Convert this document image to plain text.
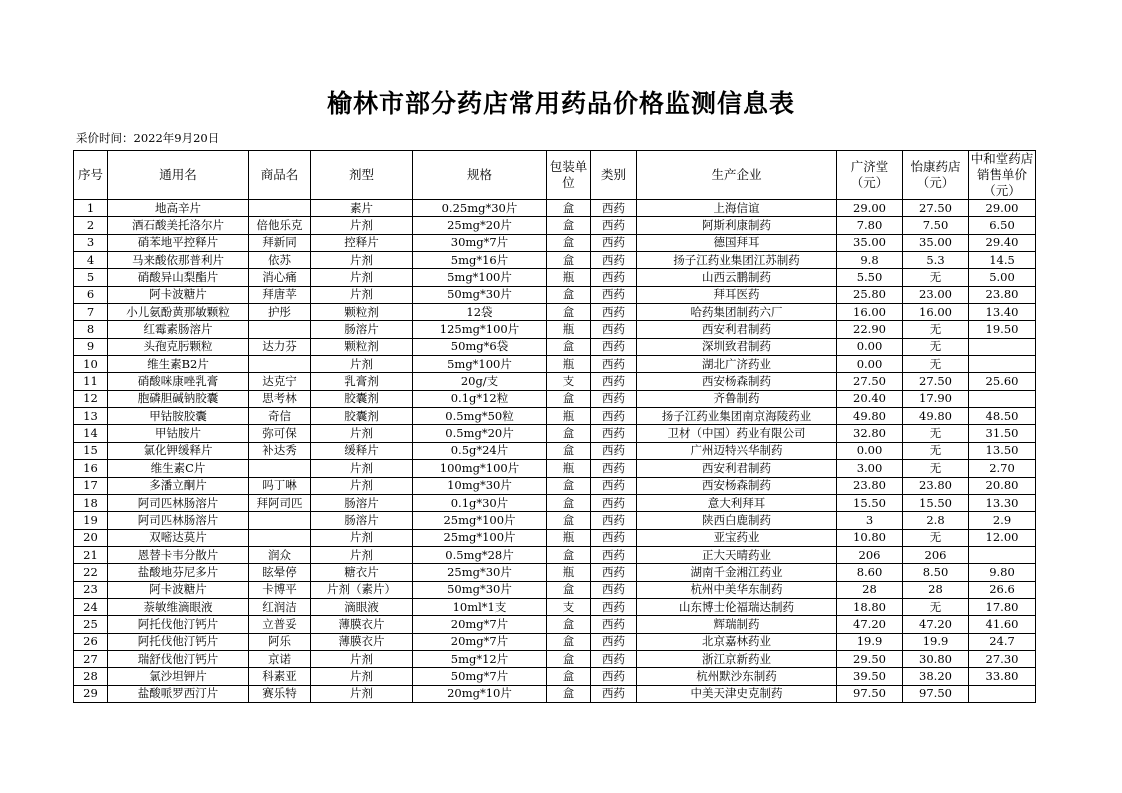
榆林市部分药店常用药品价格监测信息表
采价时间：2022年9月20日
序号	通用名	商品名	剂型	规格	包装单位	类别	生产企业	广济堂（元）	怡康药店（元）	中和堂药店销售单价（元）
1	地高辛片		素片	0.25mg*30片	盒	西药	上海信谊	29.00	27.50	29.00
2	酒石酸美托洛尔片	倍他乐克	片剂	25mg*20片	盒	西药	阿斯利康制药	7.80	7.50	6.50
3	硝苯地平控释片	拜新同	控释片	30mg*7片	盒	西药	德国拜耳	35.00	35.00	29.40
4	马来酸依那普利片	依苏	片剂	5mg*16片	盒	西药	扬子江药业集团江苏制药	9.8	5.3	14.5
5	硝酸异山梨酯片	消心痛	片剂	5mg*100片	瓶	西药	山西云鹏制药	5.50	无	5.00
6	阿卡波糖片	拜唐苹	片剂	50mg*30片	盒	西药	拜耳医药	25.80	23.00	23.80
7	小儿氨酚黄那敏颗粒	护彤	颗粒剂	12袋	盒	西药	哈药集团制药六厂	16.00	16.00	13.40
8	红霉素肠溶片		肠溶片	125mg*100片	瓶	西药	西安利君制药	22.90	无	19.50
9	头孢克肟颗粒	达力芬	颗粒剂	50mg*6袋	盒	西药	深圳致君制药	0.00	无	
10	维生素B2片		片剂	5mg*100片	瓶	西药	湖北广济药业	0.00	无	
11	硝酸咪康唑乳膏	达克宁	乳膏剂	20g/支	支	西药	西安杨森制药	27.50	27.50	25.60
12	胞磷胆碱钠胶囊	思考林	胶囊剂	0.1g*12粒	盒	西药	齐鲁制药	20.40	17.90	
13	甲钴胺胶囊	奇信	胶囊剂	0.5mg*50粒	瓶	西药	扬子江药业集团南京海陵药业	49.80	49.80	48.50
14	甲钴胺片	弥可保	片剂	0.5mg*20片	盒	西药	卫材（中国）药业有限公司	32.80	无	31.50
15	氯化钾缓释片	补达秀	缓释片	0.5g*24片	盒	西药	广州迈特兴华制药	0.00	无	13.50
16	维生素C片		片剂	100mg*100片	瓶	西药	西安利君制药	3.00	无	2.70
17	多潘立酮片	吗丁啉	片剂	10mg*30片	盒	西药	西安杨森制药	23.80	23.80	20.80
18	阿司匹林肠溶片	拜阿司匹	肠溶片	0.1g*30片	盒	西药	意大利拜耳	15.50	15.50	13.30
19	阿司匹林肠溶片		肠溶片	25mg*100片	盒	西药	陕西白鹿制药	3	2.8	2.9
20	双嘧达莫片		片剂	25mg*100片	瓶	西药	亚宝药业	10.80	无	12.00
21	恩替卡韦分散片	润众	片剂	0.5mg*28片	盒	西药	正大天晴药业	206	206	
22	盐酸地芬尼多片	眩晕停	糖衣片	25mg*30片	瓶	西药	湖南千金湘江药业	8.60	8.50	9.80
23	阿卡波糖片	卡博平	片剂（素片）	50mg*30片	盒	西药	杭州中美华东制药	28	28	26.6
24	萘敏维滴眼液	红润洁	滴眼液	10ml*1支	支	西药	山东博士伦福瑞达制药	18.80	无	17.80
25	阿托伐他汀钙片	立普妥	薄膜衣片	20mg*7片	盒	西药	辉瑞制药	47.20	47.20	41.60
26	阿托伐他汀钙片	阿乐	薄膜衣片	20mg*7片	盒	西药	北京嘉林药业	19.9	19.9	24.7
27	瑞舒伐他汀钙片	京诺	片剂	5mg*12片	盒	西药	浙江京新药业	29.50	30.80	27.30
28	氯沙坦钾片	科素亚	片剂	50mg*7片	盒	西药	杭州默沙东制药	39.50	38.20	33.80
29	盐酸哌罗西汀片	赛乐特	片剂	20mg*10片	盒	西药	中美天津史克制药	97.50	97.50	
